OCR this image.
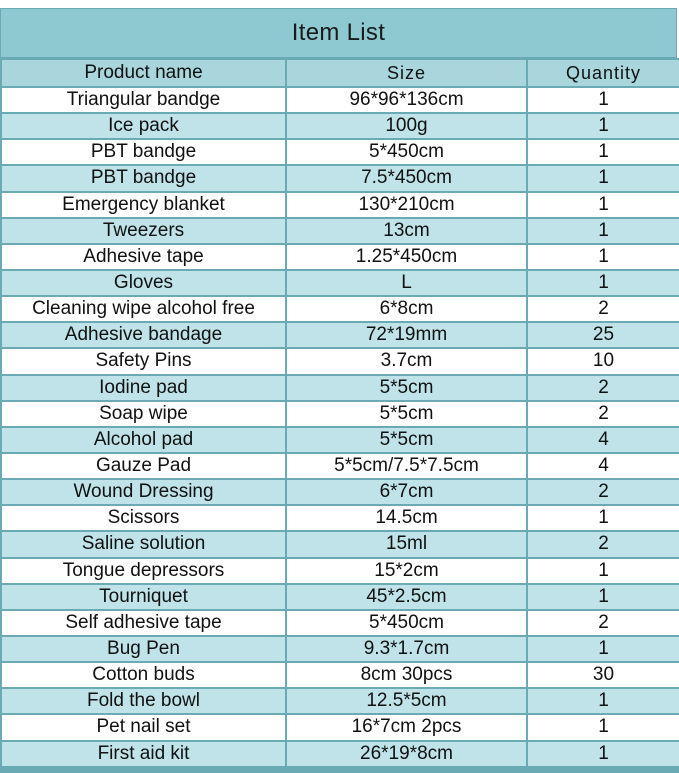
Item List
Product name	Size	Quantity
Triangular bandge	96*96*136cm	1
Ice pack	100g	1
PBT bandge	5*450cm	1
PBT bandge	7.5*450cm	1
Emergency blanket	130*210cm	1
Tweezers	13cm	1
Adhesive tape	1.25*450cm	1
Gloves	L	1
Cleaning wipe alcohol free	6*8cm	2
Adhesive bandage	72*19mm	25
Safety Pins	3.7cm	10
Iodine pad	5*5cm	2
Soap wipe	5*5cm	2
Alcohol pad	5*5cm	4
Gauze Pad	5*5cm/7.5*7.5cm	4
Wound Dressing	6*7cm	2
Scissors	14.5cm	1
Saline solution	15ml	2
Tongue depressors	15*2cm	1
Tourniquet	45*2.5cm	1
Self adhesive tape	5*450cm	2
Bug Pen	9.3*1.7cm	1
Cotton buds	8cm 30pcs	30
Fold the bowl	12.5*5cm	1
Pet nail set	16*7cm 2pcs	1
First aid kit	26*19*8cm	1
